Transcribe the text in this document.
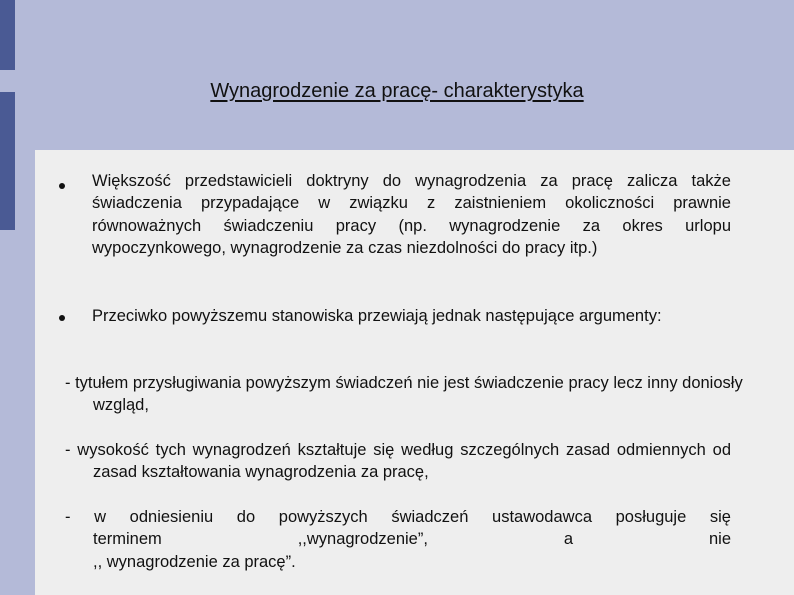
Wynagrodzenie za pracę- charakterystyka

Większość przedstawicieli doktryny do wynagrodzenia za pracę zalicza także świadczenia przypadające w związku z zaistnieniem okoliczności prawnie równoważnych świadczeniu pracy (np. wynagrodzenie za okres urlopu wypoczynkowego, wynagrodzenie za czas niezdolności do pracy itp.)

Przeciwko powyższemu stanowiska przewiają jednak następujące argumenty:

- tytułem przysługiwania powyższym świadczeń nie jest świadczenie pracy lecz inny doniosły wzgląd,

- wysokość tych wynagrodzeń kształtuje się według szczególnych zasad odmiennych od zasad kształtowania wynagrodzenia za pracę,

- w odniesieniu do powyższych świadczeń ustawodawca posługuje się
terminem ,,wynagrodzenie”, a nie
,, wynagrodzenie za pracę”.
